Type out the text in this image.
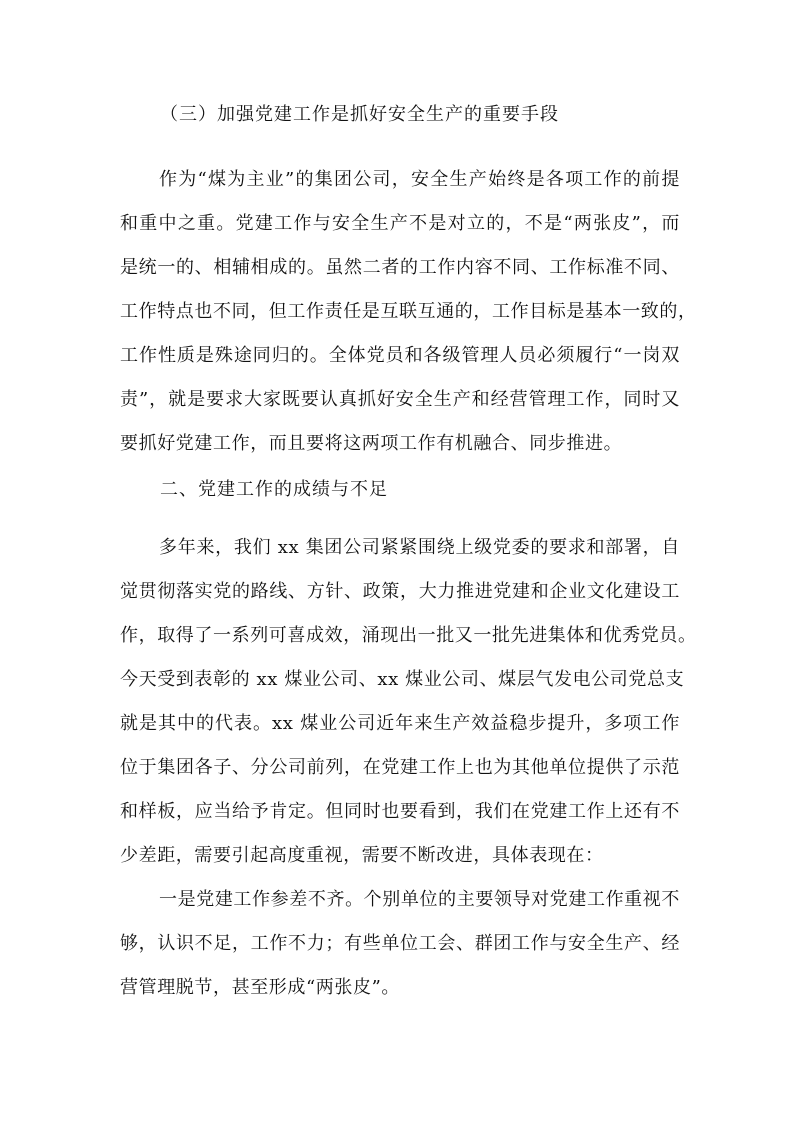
（三）加强党建工作是抓好安全生产的重要手段
作为“煤为主业”的集团公司，安全生产始终是各项工作的前提
和重中之重。党建工作与安全生产不是对立的，不是“两张皮”，而
是统一的、相辅相成的。虽然二者的工作内容不同、工作标准不同、
工作特点也不同，但工作责任是互联互通的，工作目标是基本一致的，
工作性质是殊途同归的。全体党员和各级管理人员必须履行“一岗双
责”，就是要求大家既要认真抓好安全生产和经营管理工作，同时又
要抓好党建工作，而且要将这两项工作有机融合、同步推进。
二、党建工作的成绩与不足
多年来，我们 xx 集团公司紧紧围绕上级党委的要求和部署，自
觉贯彻落实党的路线、方针、政策，大力推进党建和企业文化建设工
作，取得了一系列可喜成效，涌现出一批又一批先进集体和优秀党员。
今天受到表彰的 xx 煤业公司、xx 煤业公司、煤层气发电公司党总支
就是其中的代表。xx 煤业公司近年来生产效益稳步提升，多项工作
位于集团各子、分公司前列，在党建工作上也为其他单位提供了示范
和样板，应当给予肯定。但同时也要看到，我们在党建工作上还有不
少差距，需要引起高度重视，需要不断改进，具体表现在：
一是党建工作参差不齐。个别单位的主要领导对党建工作重视不
够，认识不足，工作不力；有些单位工会、群团工作与安全生产、经
营管理脱节，甚至形成“两张皮”。
